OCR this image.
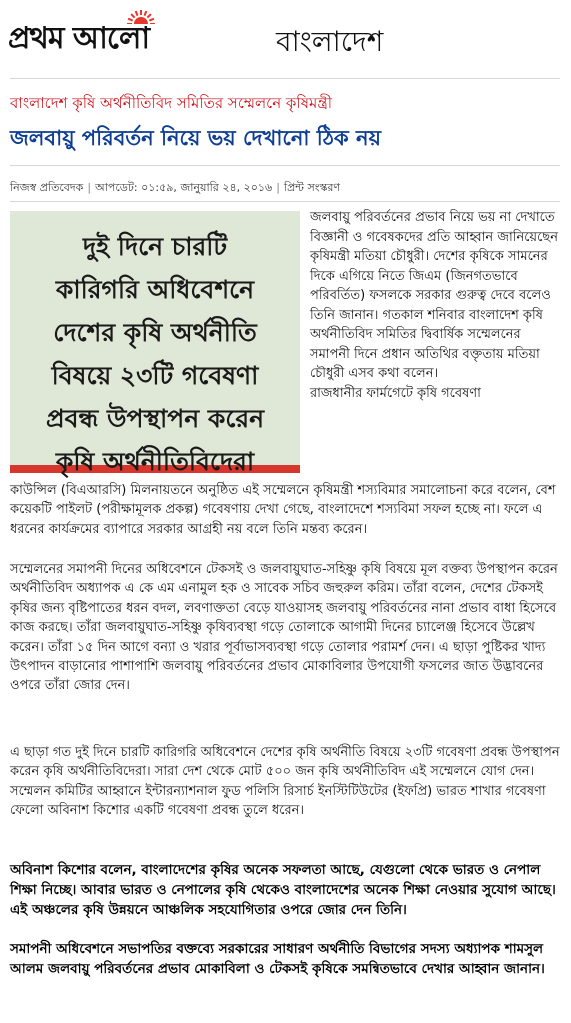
প্রথম আলো	বাংলাদেশ
বাংলাদেশ কৃষি অর্থনীতিবিদ সমিতির সম্মেলনে কৃষিমন্ত্রী
জলবায়ু পরিবর্তন নিয়ে ভয় দেখানো ঠিক নয়
নিজস্ব প্রতিবেদক | আপডেট: ০১:৫৯, জানুয়ারি ২৪, ২০১৬ | প্রিন্ট সংস্করণ
দুই দিনে চারটি
কারিগরি অধিবেশনে
দেশের কৃষি অর্থনীতি
বিষয়ে ২৩টি গবেষণা
প্রবন্ধ উপস্থাপন করেন
কৃষি অর্থনীতিবিদেরা

জলবায়ু পরিবর্তনের প্রভাব নিয়ে ভয় না দেখাতে বিজ্ঞানী ও গবেষকদের প্রতি আহ্বান জানিয়েছেন কৃষিমন্ত্রী মতিয়া চৌধুরী। দেশের কৃষিকে সামনের দিকে এগিয়ে নিতে জিএম (জিনগতভাবে পরিবর্তিত) ফসলকে সরকার গুরুত্ব দেবে বলেও তিনি জানান। গতকাল শনিবার বাংলাদেশ কৃষি অর্থনীতিবিদ সমিতির দ্বিবার্ষিক সম্মেলনের সমাপনী দিনে প্রধান অতিথির বক্তৃতায় মতিয়া চৌধুরী এসব কথা বলেন।

রাজধানীর ফার্মগেটে কৃষি গবেষণা

কাউন্সিল (বিএআরসি) মিলনায়তনে অনুষ্ঠিত এই সম্মেলনে কৃষিমন্ত্রী শস্যবিমার সমালোচনা করে বলেন, বেশ কয়েকটি পাইলট (পরীক্ষামূলক প্রকল্প) গবেষণায় দেখা গেছে, বাংলাদেশে শস্যবিমা সফল হচ্ছে না। ফলে এ ধরনের কার্যক্রমের ব্যাপারে সরকার আগ্রহী নয় বলে তিনি মন্তব্য করেন।
সম্মেলনের সমাপনী দিনের অধিবেশনে টেকসই ও জলবায়ুঘাত-সহিষ্ণু কৃষি বিষয়ে মূল বক্তব্য উপস্থাপন করেন অর্থনীতিবিদ অধ্যাপক এ কে এম এনামুল হক ও সাবেক সচিব জহুরুল করিম। তাঁরা বলেন, দেশের টেকসই কৃষির জন্য বৃষ্টিপাতের ধরন বদল, লবণাক্ততা বেড়ে যাওয়াসহ জলবায়ু পরিবর্তনের নানা প্রভাব বাধা হিসেবে কাজ করছে। তাঁরা জলবায়ুঘাত-সহিষ্ণু কৃষিব্যবস্থা গড়ে তোলাকে আগামী দিনের চ্যালেঞ্জ হিসেবে উল্লেখ করেন। তাঁরা ১৫ দিন আগে বন্যা ও খরার পূর্বাভাসব্যবস্থা গড়ে তোলার পরামর্শ দেন। এ ছাড়া পুষ্টিকর খাদ্য উৎপাদন বাড়ানোর পাশাপাশি জলবায়ু পরিবর্তনের প্রভাব মোকাবিলার উপযোগী ফসলের জাত উদ্ভাবনের ওপরে তাঁরা জোর দেন।
এ ছাড়া গত দুই দিনে চারটি কারিগরি অধিবেশনে দেশের কৃষি অর্থনীতি বিষয়ে ২৩টি গবেষণা প্রবন্ধ উপস্থাপন করেন কৃষি অর্থনীতিবিদেরা। সারা দেশ থেকে মোট ৫০০ জন কৃষি অর্থনীতিবিদ এই সম্মেলনে যোগ দেন। সম্মেলন কমিটির আহ্বানে ইন্টারন্যাশনাল ফুড পলিসি রিসার্চ ইনস্টিটিউটের (ইফপ্রি) ভারত শাখার গবেষণা ফেলো অবিনাশ কিশোর একটি গবেষণা প্রবন্ধ তুলে ধরেন।
অবিনাশ কিশোর বলেন, বাংলাদেশের কৃষির অনেক সফলতা আছে, যেগুলো থেকে ভারত ও নেপাল শিক্ষা নিচ্ছে। আবার ভারত ও নেপালের কৃষি থেকেও বাংলাদেশের অনেক শিক্ষা নেওয়ার সুযোগ আছে। এই অঞ্চলের কৃষি উন্নয়নে আঞ্চলিক সহযোগিতার ওপরে জোর দেন তিনি।
সমাপনী অধিবেশনে সভাপতির বক্তব্যে সরকারের সাধারণ অর্থনীতি বিভাগের সদস্য অধ্যাপক শামসুল আলম জলবায়ু পরিবর্তনের প্রভাব মোকাবিলা ও টেকসই কৃষিকে সমন্বিতভাবে দেখার আহ্বান জানান।
